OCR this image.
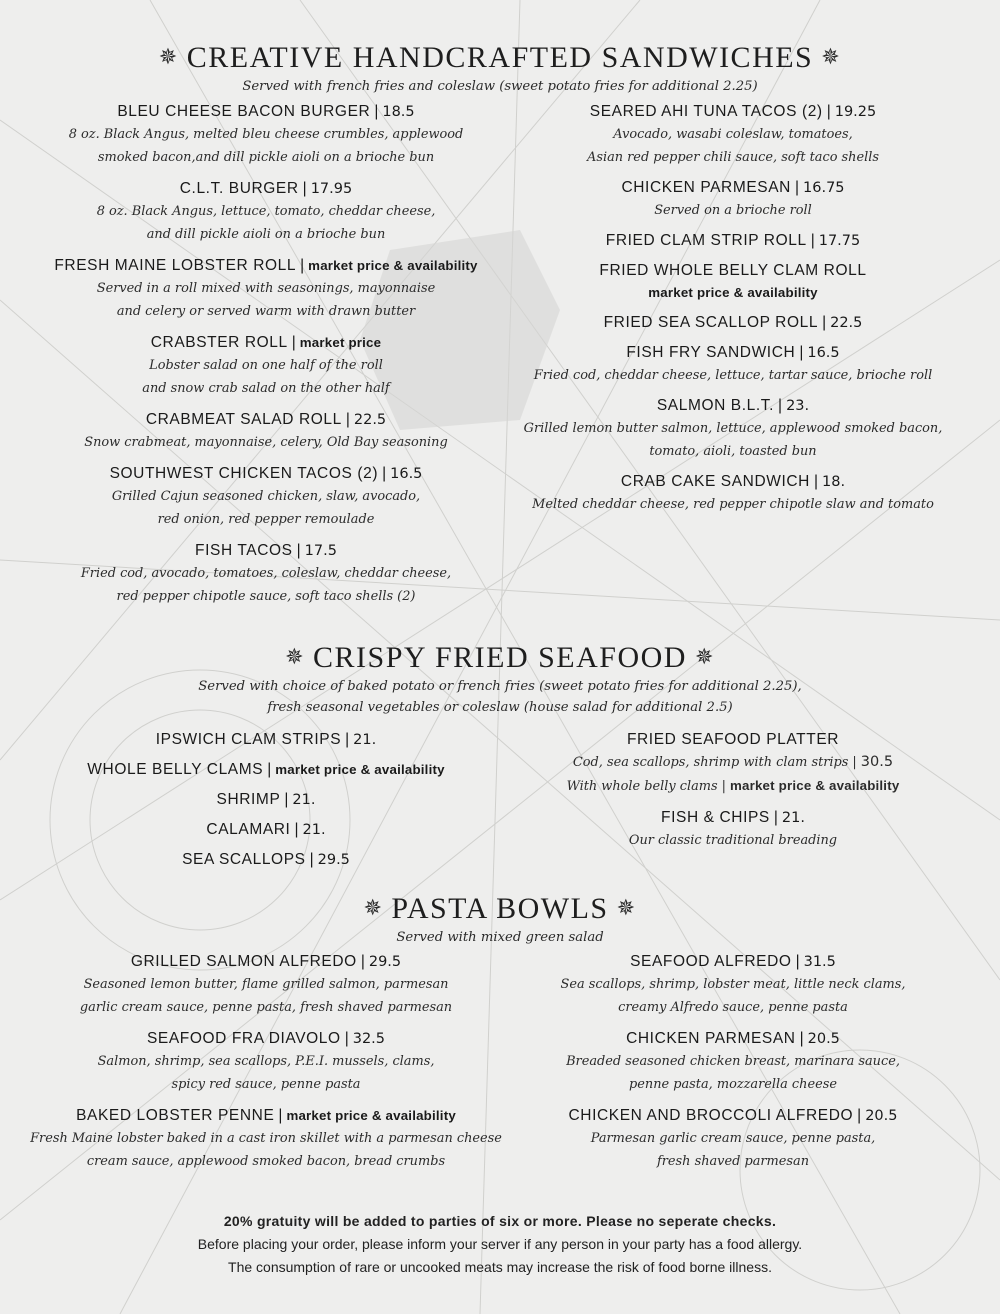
✵ CREATIVE HANDCRAFTED SANDWICHES ✵
Served with french fries and coleslaw (sweet potato fries for additional 2.25)
BLEU CHEESE BACON BURGER | 18.5
8 oz. Black Angus, melted bleu cheese crumbles, applewood
smoked bacon,and dill pickle aioli on a brioche bun
C.L.T. BURGER | 17.95
8 oz. Black Angus, lettuce, tomato, cheddar cheese,
and dill pickle aioli on a brioche bun
FRESH MAINE LOBSTER ROLL | market price & availability
Served in a roll mixed with seasonings, mayonnaise
and celery or served warm with drawn butter
CRABSTER ROLL | market price
Lobster salad on one half of the roll
and snow crab salad on the other half
CRABMEAT SALAD ROLL | 22.5
Snow crabmeat, mayonnaise, celery, Old Bay seasoning
SOUTHWEST CHICKEN TACOS (2) | 16.5
Grilled Cajun seasoned chicken, slaw, avocado,
red onion, red pepper remoulade
FISH TACOS | 17.5
Fried cod, avocado, tomatoes, coleslaw, cheddar cheese,
red pepper chipotle sauce, soft taco shells (2)
SEARED AHI TUNA TACOS (2) | 19.25
Avocado, wasabi coleslaw, tomatoes,
Asian red pepper chili sauce, soft taco shells
CHICKEN PARMESAN | 16.75
Served on a brioche roll
FRIED CLAM STRIP ROLL | 17.75
FRIED WHOLE BELLY CLAM ROLL
market price & availability
FRIED SEA SCALLOP ROLL | 22.5
FISH FRY SANDWICH | 16.5
Fried cod, cheddar cheese, lettuce, tartar sauce, brioche roll
SALMON B.L.T. | 23.
Grilled lemon butter salmon, lettuce, applewood smoked bacon,
tomato, aioli, toasted bun
CRAB CAKE SANDWICH | 18.
Melted cheddar cheese, red pepper chipotle slaw and tomato
✵ CRISPY FRIED SEAFOOD ✵
Served with choice of baked potato or french fries (sweet potato fries for additional 2.25),
fresh seasonal vegetables or coleslaw (house salad for additional 2.5)
IPSWICH CLAM STRIPS | 21.
WHOLE BELLY CLAMS | market price & availability
SHRIMP | 21.
CALAMARI | 21.
SEA SCALLOPS | 29.5
FRIED SEAFOOD PLATTER
Cod, sea scallops, shrimp with clam strips | 30.5
With whole belly clams | market price & availability
FISH & CHIPS | 21.
Our classic traditional breading
✵ PASTA BOWLS ✵
Served with mixed green salad
GRILLED SALMON ALFREDO | 29.5
Seasoned lemon butter, flame grilled salmon, parmesan
garlic cream sauce, penne pasta, fresh shaved parmesan
SEAFOOD FRA DIAVOLO | 32.5
Salmon, shrimp, sea scallops, P.E.I. mussels, clams,
spicy red sauce, penne pasta
BAKED LOBSTER PENNE | market price & availability
Fresh Maine lobster baked in a cast iron skillet with a parmesan cheese
cream sauce, applewood smoked bacon, bread crumbs
SEAFOOD ALFREDO | 31.5
Sea scallops, shrimp, lobster meat, little neck clams,
creamy Alfredo sauce, penne pasta
CHICKEN PARMESAN | 20.5
Breaded seasoned chicken breast, marinara sauce,
penne pasta, mozzarella cheese
CHICKEN AND BROCCOLI ALFREDO | 20.5
Parmesan garlic cream sauce, penne pasta,
fresh shaved parmesan
20% gratuity will be added to parties of six or more. Please no seperate checks.
Before placing your order, please inform your server if any person in your party has a food allergy.
The consumption of rare or uncooked meats may increase the risk of food borne illness.
